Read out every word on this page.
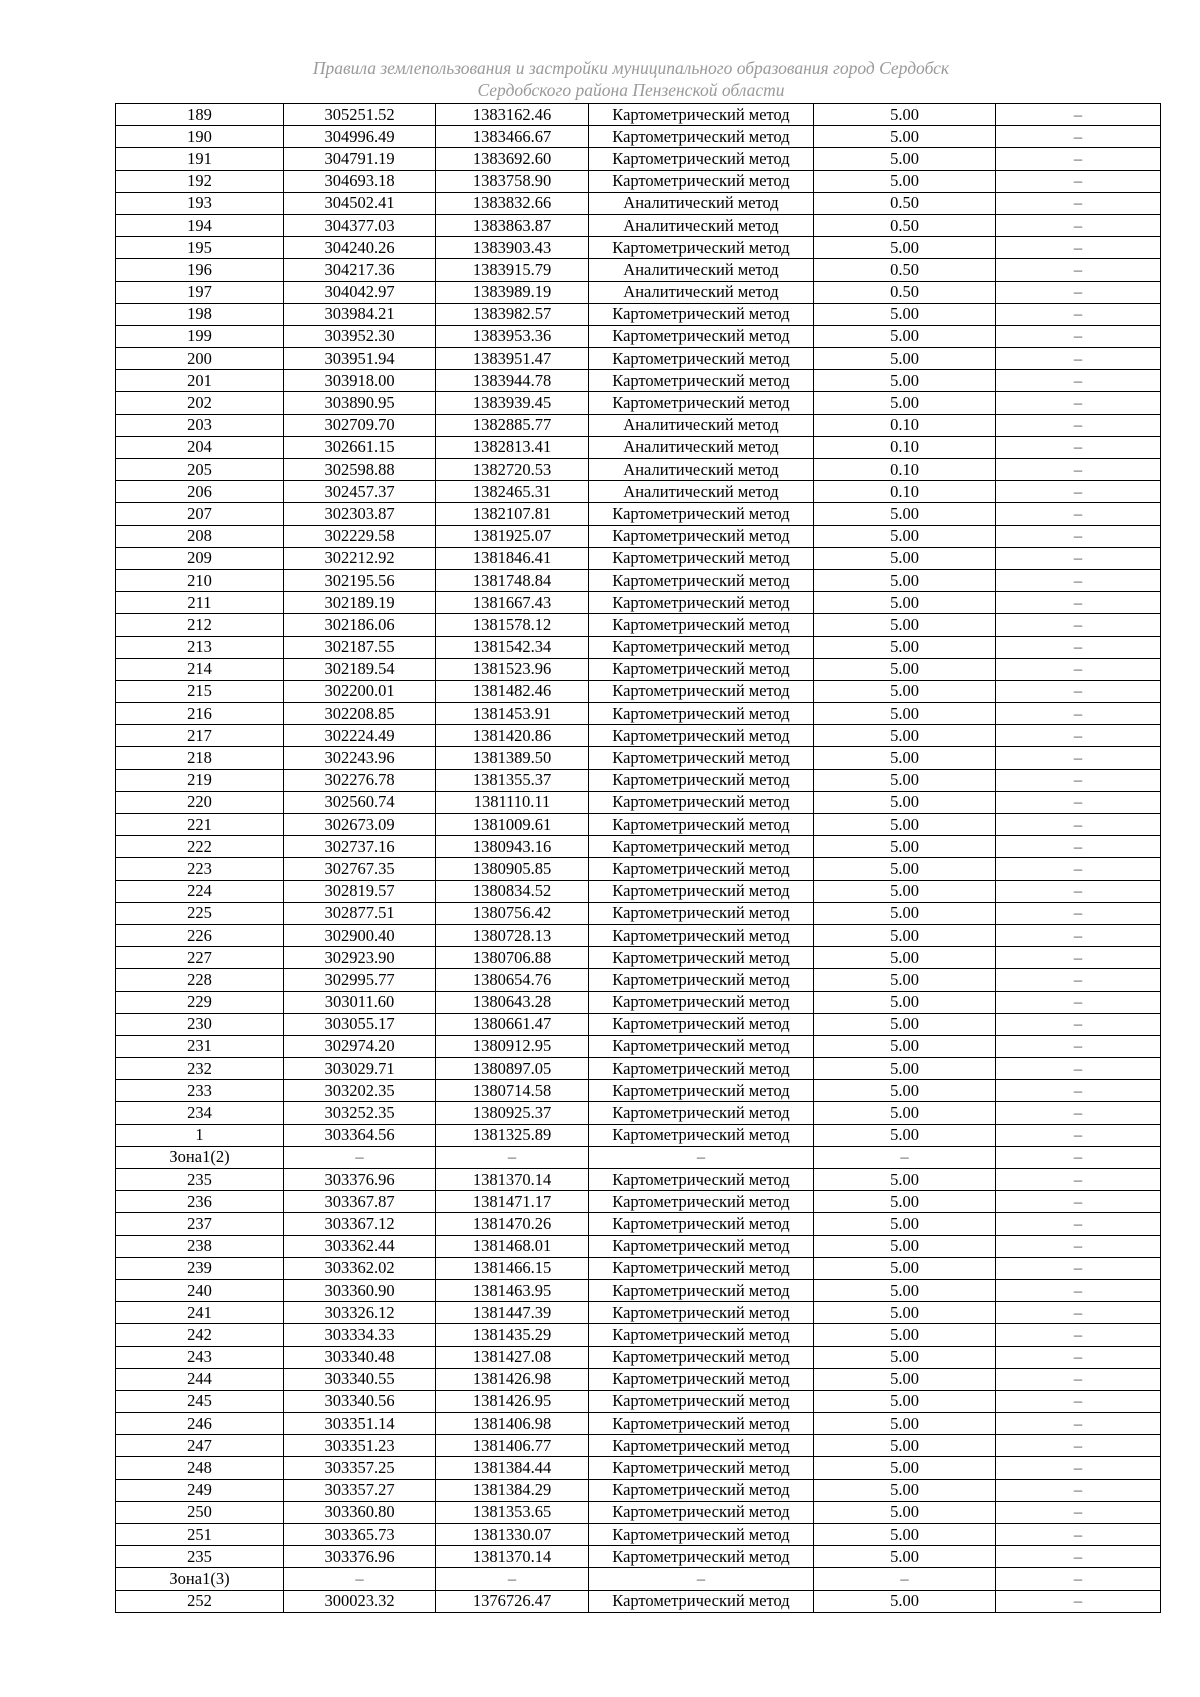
Правила землепользования и застройки муниципального образования город Сердобск
Сердобского района Пензенской области
189	305251.52	1383162.46	Картометрический метод	5.00	–
190	304996.49	1383466.67	Картометрический метод	5.00	–
191	304791.19	1383692.60	Картометрический метод	5.00	–
192	304693.18	1383758.90	Картометрический метод	5.00	–
193	304502.41	1383832.66	Аналитический метод	0.50	–
194	304377.03	1383863.87	Аналитический метод	0.50	–
195	304240.26	1383903.43	Картометрический метод	5.00	–
196	304217.36	1383915.79	Аналитический метод	0.50	–
197	304042.97	1383989.19	Аналитический метод	0.50	–
198	303984.21	1383982.57	Картометрический метод	5.00	–
199	303952.30	1383953.36	Картометрический метод	5.00	–
200	303951.94	1383951.47	Картометрический метод	5.00	–
201	303918.00	1383944.78	Картометрический метод	5.00	–
202	303890.95	1383939.45	Картометрический метод	5.00	–
203	302709.70	1382885.77	Аналитический метод	0.10	–
204	302661.15	1382813.41	Аналитический метод	0.10	–
205	302598.88	1382720.53	Аналитический метод	0.10	–
206	302457.37	1382465.31	Аналитический метод	0.10	–
207	302303.87	1382107.81	Картометрический метод	5.00	–
208	302229.58	1381925.07	Картометрический метод	5.00	–
209	302212.92	1381846.41	Картометрический метод	5.00	–
210	302195.56	1381748.84	Картометрический метод	5.00	–
211	302189.19	1381667.43	Картометрический метод	5.00	–
212	302186.06	1381578.12	Картометрический метод	5.00	–
213	302187.55	1381542.34	Картометрический метод	5.00	–
214	302189.54	1381523.96	Картометрический метод	5.00	–
215	302200.01	1381482.46	Картометрический метод	5.00	–
216	302208.85	1381453.91	Картометрический метод	5.00	–
217	302224.49	1381420.86	Картометрический метод	5.00	–
218	302243.96	1381389.50	Картометрический метод	5.00	–
219	302276.78	1381355.37	Картометрический метод	5.00	–
220	302560.74	1381110.11	Картометрический метод	5.00	–
221	302673.09	1381009.61	Картометрический метод	5.00	–
222	302737.16	1380943.16	Картометрический метод	5.00	–
223	302767.35	1380905.85	Картометрический метод	5.00	–
224	302819.57	1380834.52	Картометрический метод	5.00	–
225	302877.51	1380756.42	Картометрический метод	5.00	–
226	302900.40	1380728.13	Картометрический метод	5.00	–
227	302923.90	1380706.88	Картометрический метод	5.00	–
228	302995.77	1380654.76	Картометрический метод	5.00	–
229	303011.60	1380643.28	Картометрический метод	5.00	–
230	303055.17	1380661.47	Картометрический метод	5.00	–
231	302974.20	1380912.95	Картометрический метод	5.00	–
232	303029.71	1380897.05	Картометрический метод	5.00	–
233	303202.35	1380714.58	Картометрический метод	5.00	–
234	303252.35	1380925.37	Картометрический метод	5.00	–
1	303364.56	1381325.89	Картометрический метод	5.00	–
Зона1(2)	–	–	–	–	–
235	303376.96	1381370.14	Картометрический метод	5.00	–
236	303367.87	1381471.17	Картометрический метод	5.00	–
237	303367.12	1381470.26	Картометрический метод	5.00	–
238	303362.44	1381468.01	Картометрический метод	5.00	–
239	303362.02	1381466.15	Картометрический метод	5.00	–
240	303360.90	1381463.95	Картометрический метод	5.00	–
241	303326.12	1381447.39	Картометрический метод	5.00	–
242	303334.33	1381435.29	Картометрический метод	5.00	–
243	303340.48	1381427.08	Картометрический метод	5.00	–
244	303340.55	1381426.98	Картометрический метод	5.00	–
245	303340.56	1381426.95	Картометрический метод	5.00	–
246	303351.14	1381406.98	Картометрический метод	5.00	–
247	303351.23	1381406.77	Картометрический метод	5.00	–
248	303357.25	1381384.44	Картометрический метод	5.00	–
249	303357.27	1381384.29	Картометрический метод	5.00	–
250	303360.80	1381353.65	Картометрический метод	5.00	–
251	303365.73	1381330.07	Картометрический метод	5.00	–
235	303376.96	1381370.14	Картометрический метод	5.00	–
Зона1(3)	–	–	–	–	–
252	300023.32	1376726.47	Картометрический метод	5.00	–
